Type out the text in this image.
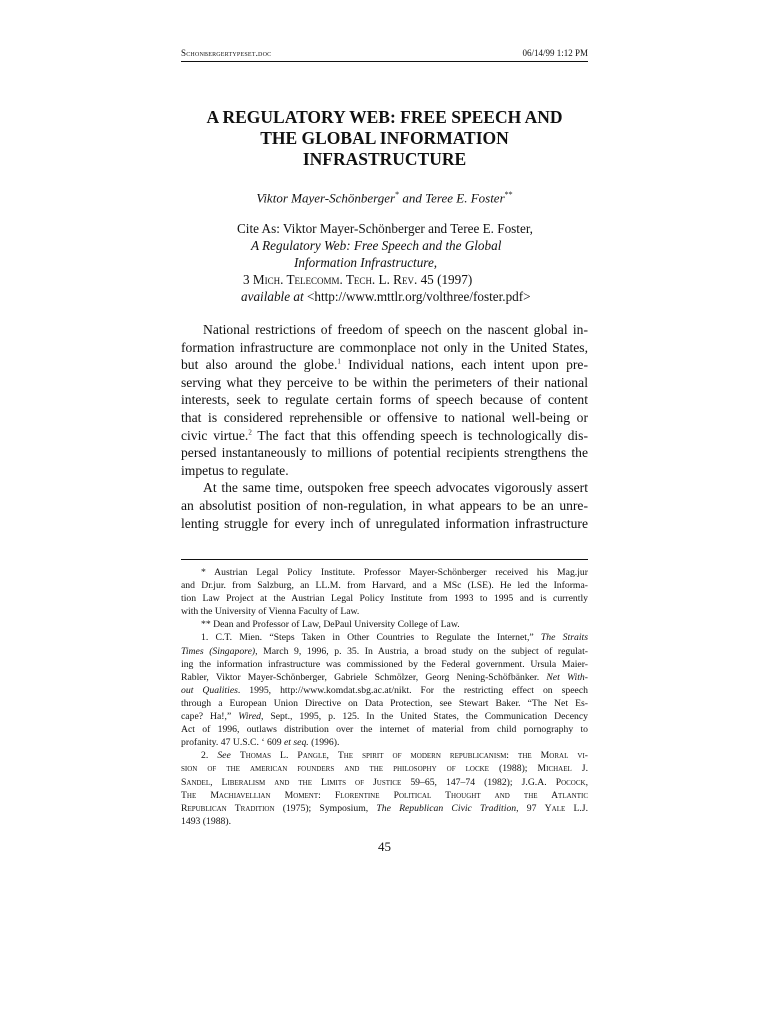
Schonbergertypeset.doc	06/14/99 1:12 PM
A REGULATORY WEB: FREE SPEECH AND
THE GLOBAL INFORMATION
INFRASTRUCTURE
Viktor Mayer-Schönberger* and Teree E. Foster**
Cite As: Viktor Mayer-Schönberger and Teree E. Foster,
A Regulatory Web: Free Speech and the Global
Information Infrastructure,
3 Mich. Telecomm. Tech. L. Rev. 45 (1997)
available at <http://www.mttlr.org/volthree/foster.pdf>
National restrictions of freedom of speech on the nascent global in-
formation infrastructure are commonplace not only in the United States,
but also around the globe.$^1$ Individual nations, each intent upon pre-
serving what they perceive to be within the perimeters of their national
interests, seek to regulate certain forms of speech because of content
that is considered reprehensible or offensive to national well-being or
civic virtue.$^2$ The fact that this offending speech is technologically dis-
persed instantaneously to millions of potential recipients strengthens the
impetus to regulate.
At the same time, outspoken free speech advocates vigorously assert
an absolutist position of non-regulation, in what appears to be an unre-
lenting struggle for every inch of unregulated information infrastructure
* Austrian Legal Policy Institute. Professor Mayer-Schönberger received his Mag.jur
and Dr.jur. from Salzburg, an LL.M. from Harvard, and a MSc (LSE). He led the Informa-
tion Law Project at the Austrian Legal Policy Institute from 1993 to 1995 and is currently
with the University of Vienna Faculty of Law.
** Dean and Professor of Law, DePaul University College of Law.
1. C.T. Mien. “Steps Taken in Other Countries to Regulate the Internet,” The Straits
Times (Singapore), March 9, 1996, p. 35. In Austria, a broad study on the subject of regulat-
ing the information infrastructure was commissioned by the Federal government. Ursula Maier-
Rabler, Viktor Mayer-Schönberger, Gabriele Schmölzer, Georg Nening-Schöfbänker. Net With-
out Qualities. 1995, http://www.komdat.sbg.ac.at/nikt. For the restricting effect on speech
through a European Union Directive on Data Protection, see Stewart Baker. “The Net Es-
cape? Ha!,” Wired, Sept., 1995, p. 125. In the United States, the Communication Decency
Act of 1996, outlaws distribution over the internet of material from child pornography to
profanity. 47 U.S.C. ‘ 609 et seq. (1996).
2. See Thomas L. Pangle, The spirit of modern republicanism: the Moral vi-
sion of the american founders and the philosophy of locke (1988); Michael J.
Sandel, Liberalism and the Limits of Justice 59–65, 147–74 (1982); J.G.A. Pocock,
The Machiavellian Moment: Florentine Political Thought and the Atlantic
Republican Tradition (1975); Symposium, The Republican Civic Tradition, 97 Yale L.J.
1493 (1988).
45
